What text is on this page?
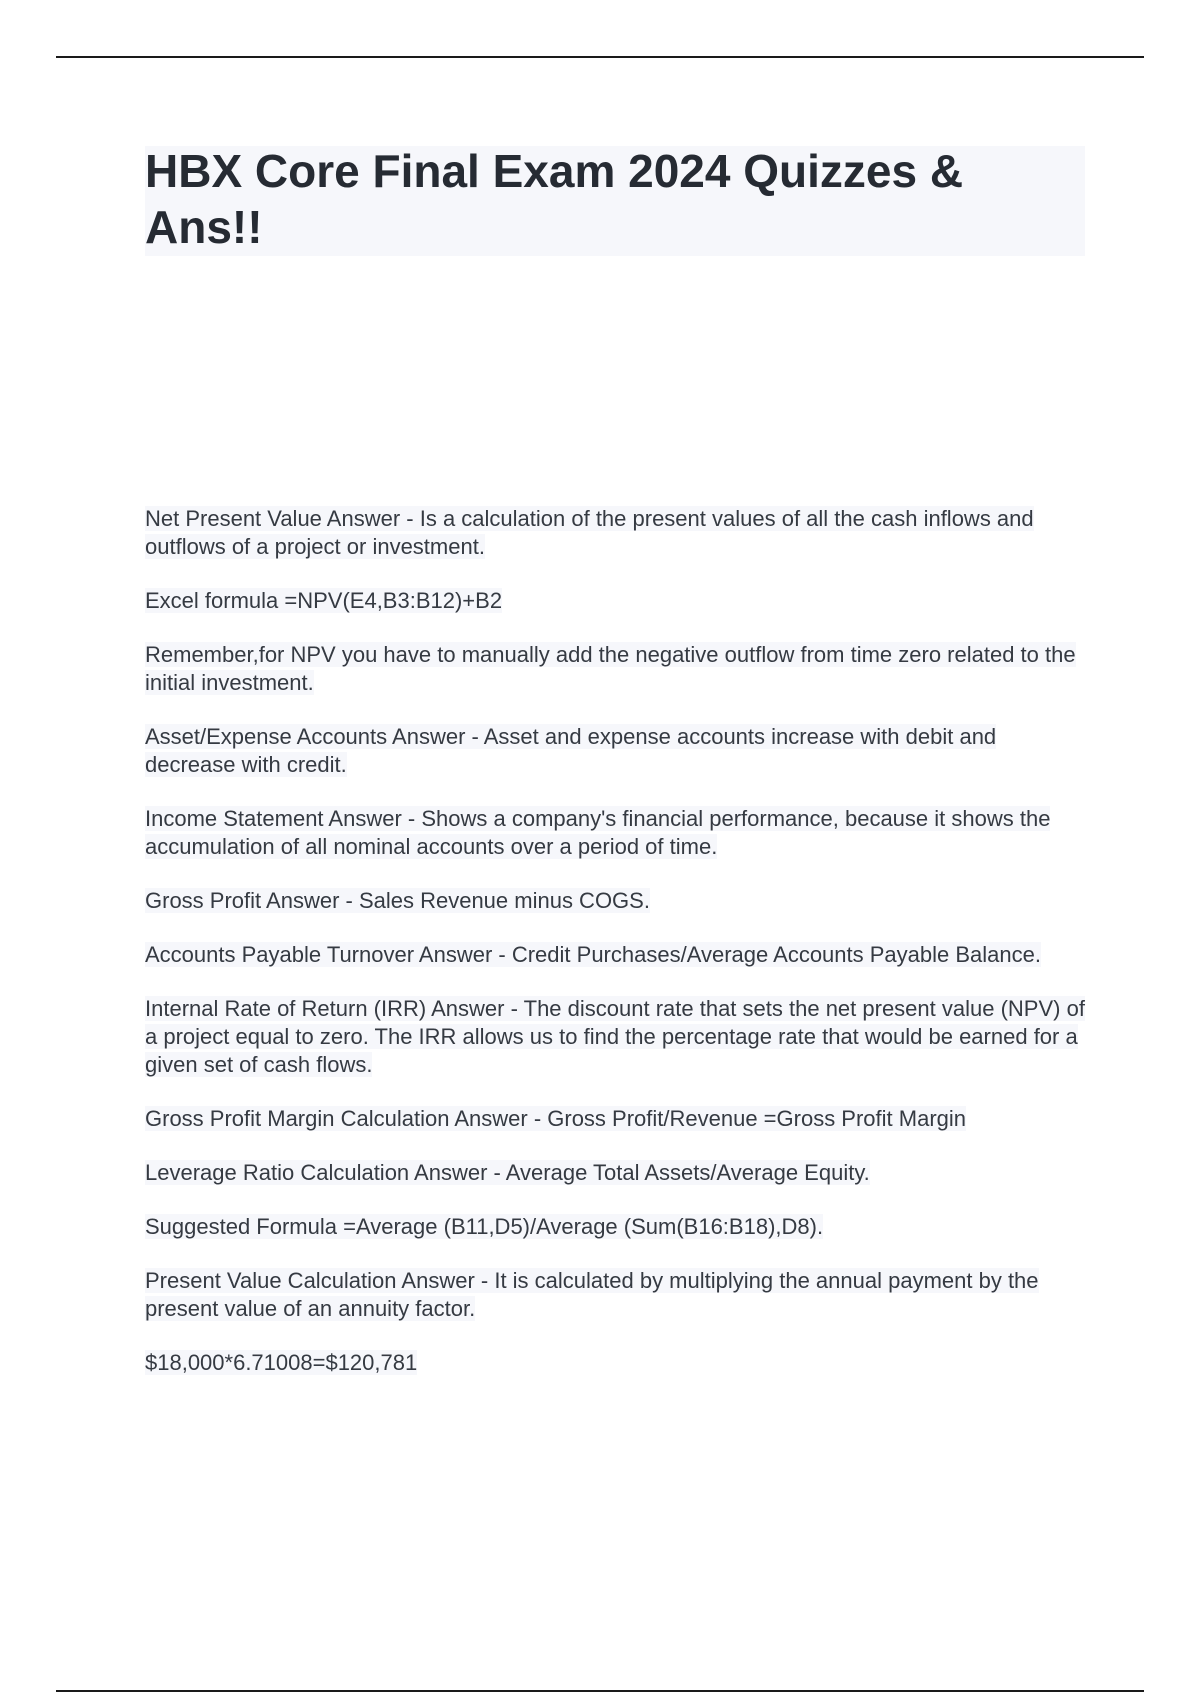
HBX Core Final Exam 2024 Quizzes & Ans!!

Net Present Value Answer - Is a calculation of the present values of all the cash inflows and outflows of a project or investment.

Excel formula =NPV(E4,B3:B12)+B2

Remember,for NPV you have to manually add the negative outflow from time zero related to the initial investment.

Asset/Expense Accounts Answer - Asset and expense accounts increase with debit and decrease with credit.

Income Statement Answer - Shows a company's financial performance, because it shows the accumulation of all nominal accounts over a period of time.

Gross Profit Answer - Sales Revenue minus COGS.

Accounts Payable Turnover Answer - Credit Purchases/Average Accounts Payable Balance.

Internal Rate of Return (IRR) Answer - The discount rate that sets the net present value (NPV) of a project equal to zero. The IRR allows us to find the percentage rate that would be earned for a given set of cash flows.

Gross Profit Margin Calculation Answer - Gross Profit/Revenue =Gross Profit Margin

Leverage Ratio Calculation Answer - Average Total Assets/Average Equity.

Suggested Formula =Average (B11,D5)/Average (Sum(B16:B18),D8).

Present Value Calculation Answer - It is calculated by multiplying the annual payment by the present value of an annuity factor.

$18,000*6.71008=$120,781
